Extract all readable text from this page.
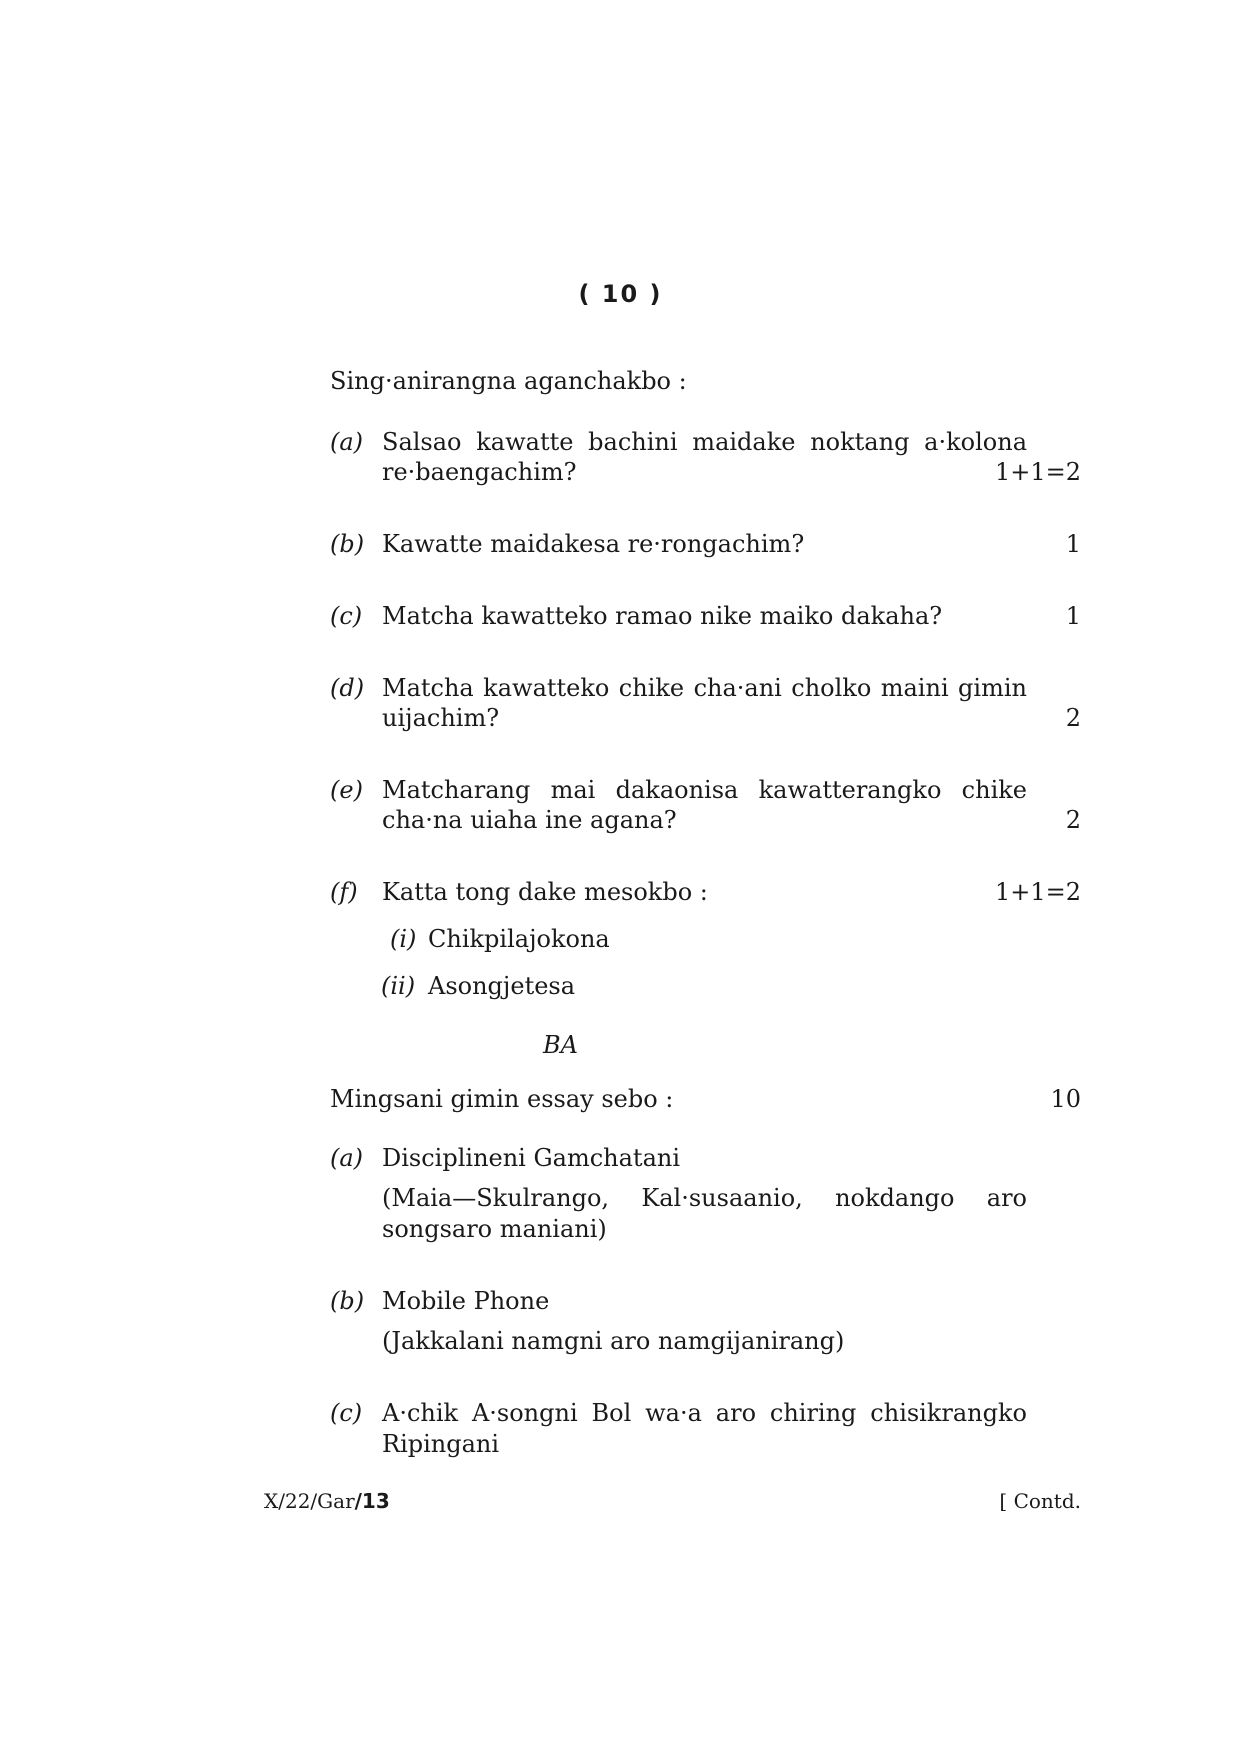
( 10 )
Sing·anirangna aganchakbo :
(a) Salsao kawatte bachini maidake noktang a·kolona
re·baengachim?	1+1=2
(b) Kawatte maidakesa re·rongachim?	1
(c) Matcha kawatteko ramao nike maiko dakaha?	1
(d) Matcha kawatteko chike cha·ani cholko maini gimin
uijachim?	2
(e) Matcharang mai dakaonisa kawatterangko chike
cha·na uiaha ine agana?	2
(f) Katta tong dake mesokbo :	1+1=2
(i) Chikpilajokona
(ii) Asongjetesa
BA
Mingsani gimin essay sebo :	10
(a) Disciplineni Gamchatani
(Maia—Skulrango, Kal·susaanio, nokdango aro
songsaro maniani)
(b) Mobile Phone
(Jakkalani namgni aro namgijanirang)
(c) A·chik A·songni Bol wa·a aro chiring chisikrangko
Ripingani
X/22/Gar/13	[ Contd.
